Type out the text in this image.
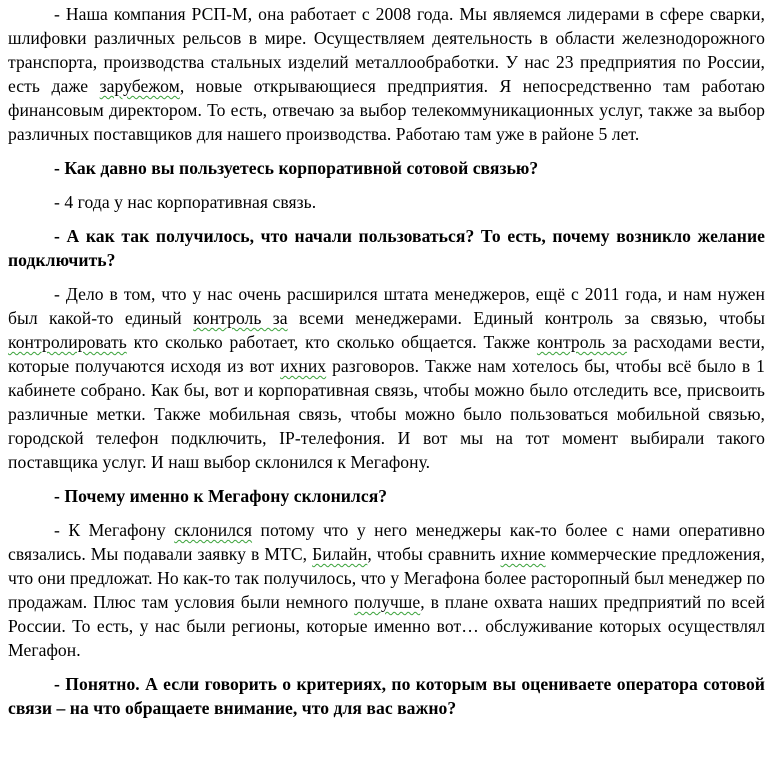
- Наша компания РСП-М, она работает с 2008 года. Мы являемся лидерами в сфере сварки, шлифовки различных рельсов в мире. Осуществляем деятельность в области железнодорожного транспорта, производства стальных изделий металлообработки. У нас 23 предприятия по России, есть даже зарубежом, новые открывающиеся предприятия. Я непосредственно там работаю финансовым директором. То есть, отвечаю за выбор телекоммуникационных услуг, также за выбор различных поставщиков для нашего производства. Работаю там уже в районе 5 лет.

- Как давно вы пользуетесь корпоративной сотовой связью?

- 4 года у нас корпоративная связь.

- А как так получилось, что начали пользоваться? То есть, почему возникло желание подключить?

- Дело в том, что у нас очень расширился штата менеджеров, ещё с 2011 года, и нам нужен был какой-то единый контроль за всеми менеджерами. Единый контроль за связью, чтобы контролировать кто сколько работает, кто сколько общается. Также контроль за расходами вести, которые получаются исходя из вот ихних разговоров. Также нам хотелось бы, чтобы всё было в 1 кабинете собрано. Как бы, вот и корпоративная связь, чтобы можно было отследить все, присвоить различные метки. Также мобильная связь, чтобы можно было пользоваться мобильной связью, городской телефон подключить, IP-телефония. И вот мы на тот момент выбирали такого поставщика услуг. И наш выбор склонился к Мегафону.

- Почему именно к Мегафону склонился?

- К Мегафону склонился потому что у него менеджеры как-то более с нами оперативно связались. Мы подавали заявку в МТС, Билайн, чтобы сравнить ихние коммерческие предложения, что они предложат. Но как-то так получилось, что у Мегафона более расторопный был менеджер по продажам. Плюс там условия были немного получше, в плане охвата наших предприятий по всей России. То есть, у нас были регионы, которые именно вот… обслуживание которых осуществлял Мегафон.

- Понятно. А если говорить о критериях, по которым вы оцениваете оператора сотовой связи – на что обращаете внимание, что для вас важно?
